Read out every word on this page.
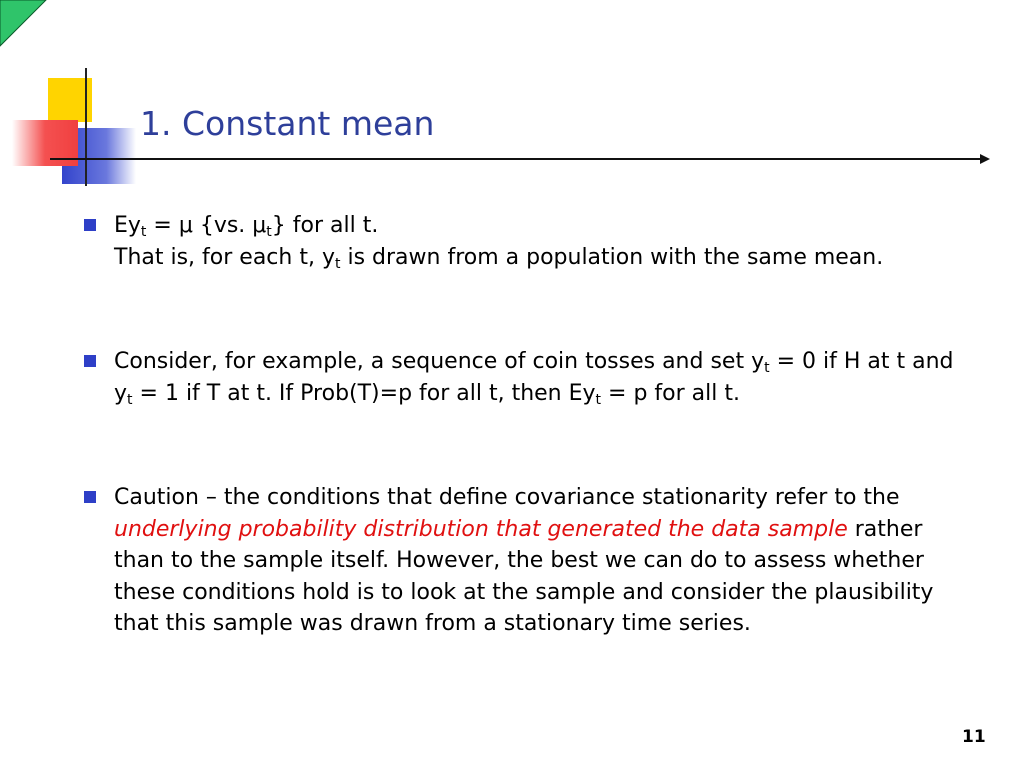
1. Constant mean
$Ey_t = \mu$ {vs. $\mu_t$} for all t.
That is, for each t, $y_t$ is drawn from a population with the same mean.
Consider, for example, a sequence of coin tosses and set $y_t = 0$ if H at t and $y_t = 1$ if T at t. If Prob(T)=p for all t, then $Ey_t = p$ for all t.
Caution – the conditions that define covariance stationarity refer to the underlying probability distribution that generated the data sample rather than to the sample itself. However, the best we can do to assess whether these conditions hold is to look at the sample and consider the plausibility that this sample was drawn from a stationary time series.
11
